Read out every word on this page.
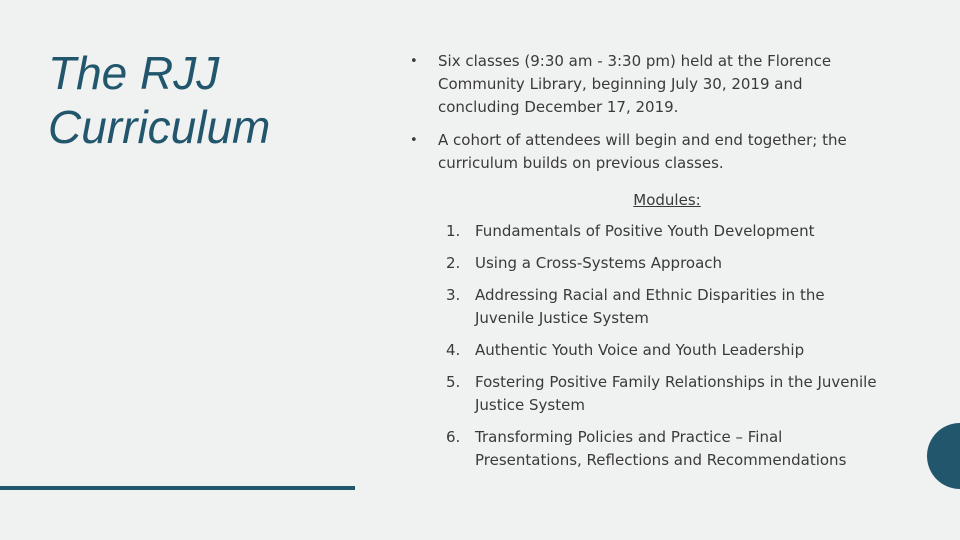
The RJJ
Curriculum
• Six classes (9:30 am - 3:30 pm) held at the Florence Community Library, beginning July 30, 2019 and concluding December 17, 2019.
• A cohort of attendees will begin and end together; the curriculum builds on previous classes.

Modules:

1. Fundamentals of Positive Youth Development
2. Using a Cross-Systems Approach
3. Addressing Racial and Ethnic Disparities in the Juvenile Justice System
4. Authentic Youth Voice and Youth Leadership
5. Fostering Positive Family Relationships in the Juvenile Justice System
6. Transforming Policies and Practice – Final Presentations, Reflections and Recommendations
